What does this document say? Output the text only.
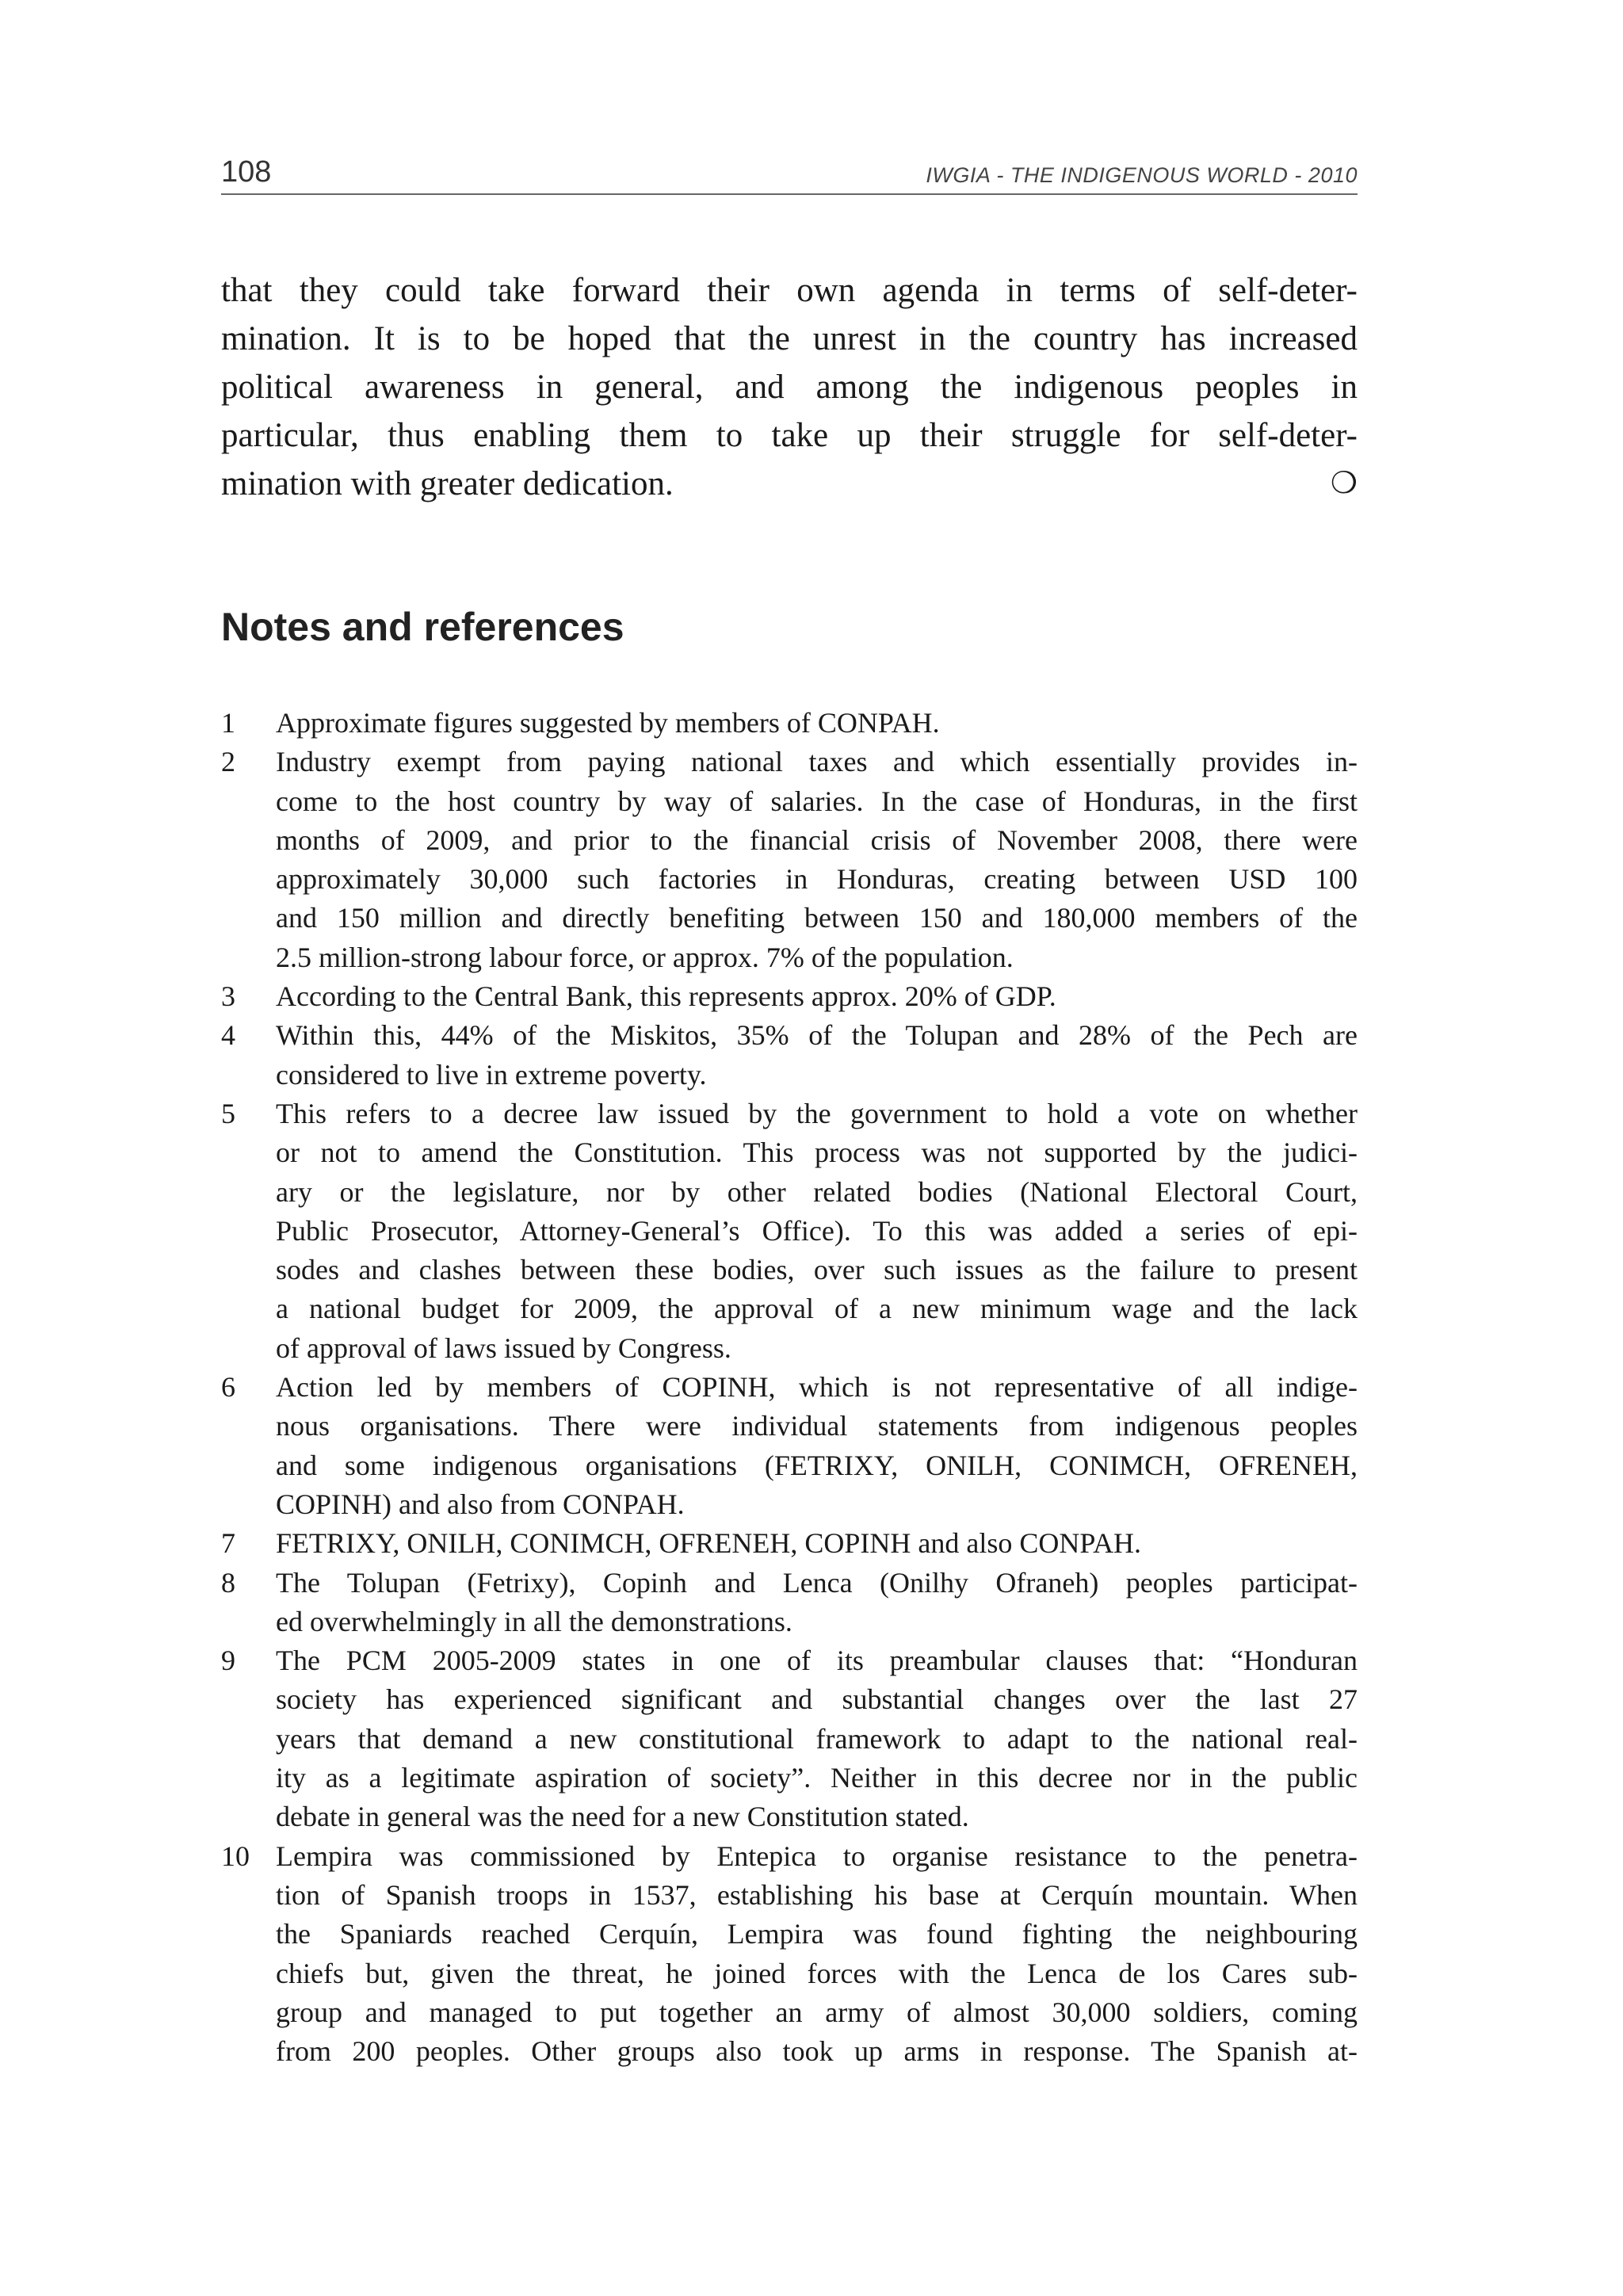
108	IWGIA - THE INDIGENOUS WORLD - 2010
that they could take forward their own agenda in terms of self-deter-
mination. It is to be hoped that the unrest in the country has increased
political awareness in general, and among the indigenous peoples in
particular, thus enabling them to take up their struggle for self-deter-
mination with greater dedication.	❍
Notes and references
1	Approximate figures suggested by members of CONPAH.
2	Industry exempt from paying national taxes and which essentially provides in-
come to the host country by way of salaries. In the case of Honduras, in the first
months of 2009, and prior to the financial crisis of November 2008, there were
approximately 30,000 such factories in Honduras, creating between USD 100
and 150 million and directly benefiting between 150 and 180,000 members of the
2.5 million-strong labour force, or approx. 7% of the population.
3	According to the Central Bank, this represents approx. 20% of GDP.
4	Within this, 44% of the Miskitos, 35% of the Tolupan and 28% of the Pech are
considered to live in extreme poverty.
5	This refers to a decree law issued by the government to hold a vote on whether
or not to amend the Constitution. This process was not supported by the judici-
ary or the legislature, nor by other related bodies (National Electoral Court,
Public Prosecutor, Attorney-General’s Office). To this was added a series of epi-
sodes and clashes between these bodies, over such issues as the failure to present
a national budget for 2009, the approval of a new minimum wage and the lack
of approval of laws issued by Congress.
6	Action led by members of COPINH, which is not representative of all indige-
nous organisations. There were individual statements from indigenous peoples
and some indigenous organisations (FETRIXY, ONILH, CONIMCH, OFRENEH,
COPINH) and also from CONPAH.
7	FETRIXY, ONILH, CONIMCH, OFRENEH, COPINH and also CONPAH.
8	The Tolupan (Fetrixy), Copinh and Lenca (Onilhy Ofraneh) peoples participat-
ed overwhelmingly in all the demonstrations.
9	The PCM 2005-2009 states in one of its preambular clauses that: “Honduran
society has experienced significant and substantial changes over the last 27
years that demand a new constitutional framework to adapt to the national real-
ity as a legitimate aspiration of society”. Neither in this decree nor in the public
debate in general was the need for a new Constitution stated.
10 Lempira was commissioned by Entepica to organise resistance to the penetra-
tion of Spanish troops in 1537, establishing his base at Cerquín mountain. When
the Spaniards reached Cerquín, Lempira was found fighting the neighbouring
chiefs but, given the threat, he joined forces with the Lenca de los Cares sub-
group and managed to put together an army of almost 30,000 soldiers, coming
from 200 peoples. Other groups also took up arms in response. The Spanish at-
